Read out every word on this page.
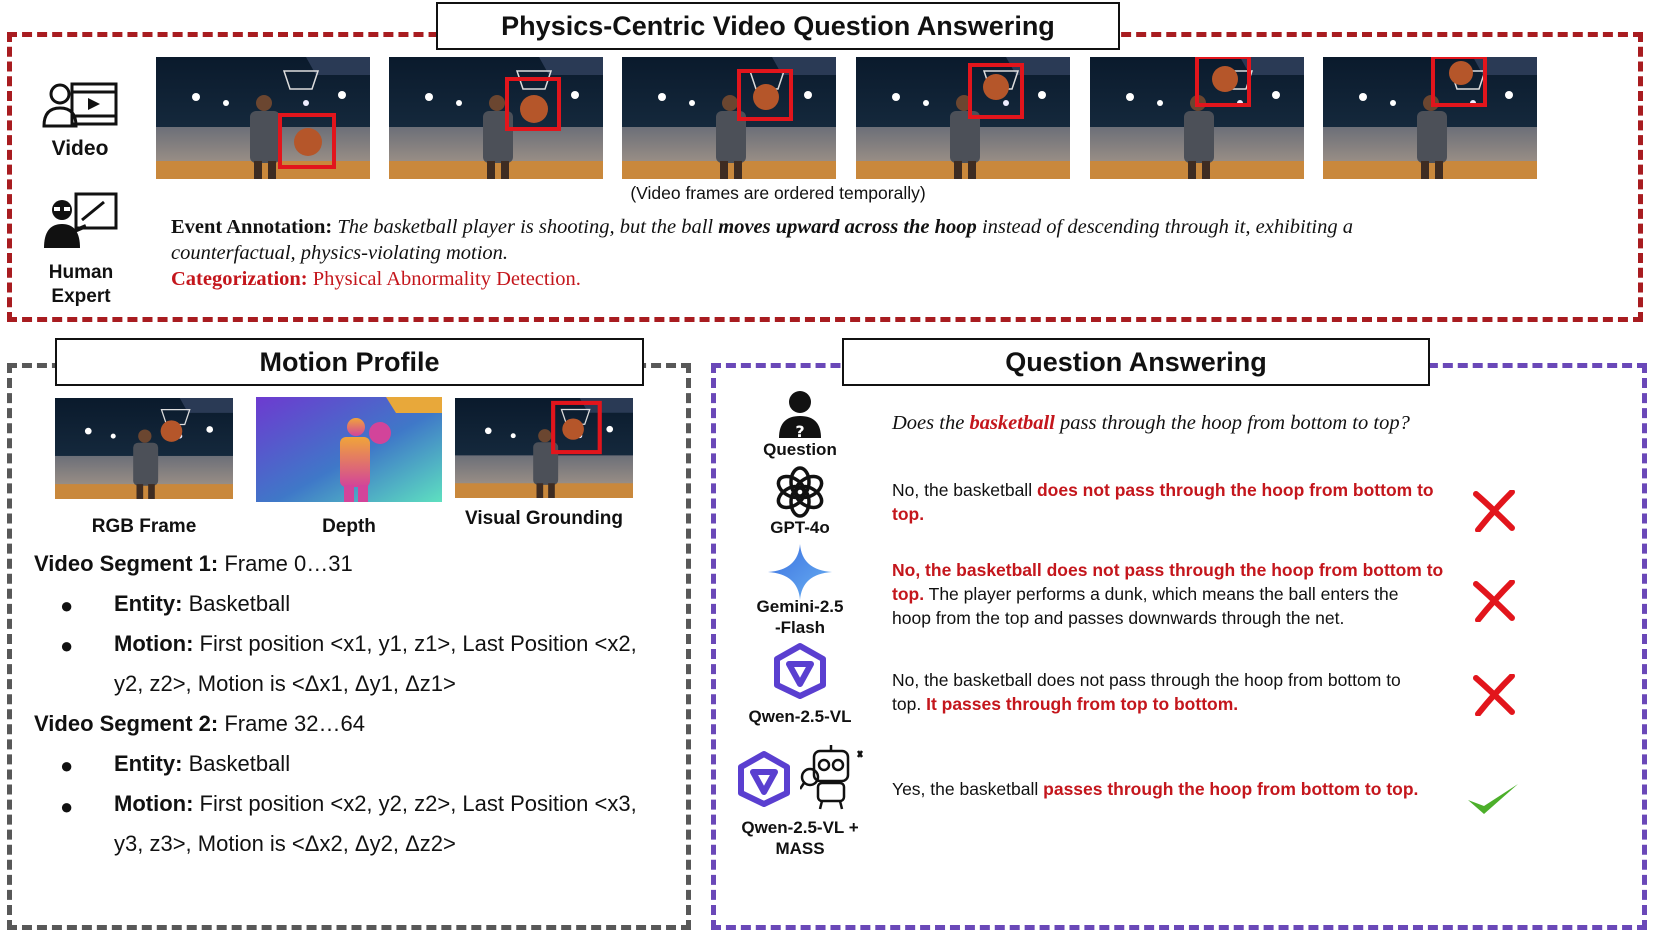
Physics-Centric Video Question Answering
Video
Human
Expert
(Video frames are ordered temporally)
Event Annotation: The basketball player is shooting, but the ball moves upward across the hoop instead of descending through it, exhibiting a
counterfactual, physics-violating motion.
Categorization: Physical Abnormality Detection.
Motion Profile
RGB Frame	Depth	Visual Grounding
Video Segment 1: Frame 0…31
● Entity: Basketball
● Motion: First position <x1, y1, z1>, Last Position <x2,
y2, z2>, Motion is <Δx1, Δy1, Δz1>
Video Segment 2: Frame 32…64
● Entity: Basketball
● Motion: First position <x2, y2, z2>, Last Position <x3,
y3, z3>, Motion is <Δx2, Δy2, Δz2>
Question Answering
?
Question
Does the basketball pass through the hoop from bottom to top?
GPT-4o
Gemini-2.5
-Flash
Qwen-2.5-VL
Qwen-2.5-VL +
MASS
No, the basketball does not pass through the hoop from bottom to
top.
No, the basketball does not pass through the hoop from bottom to
top. The player performs a dunk, which means the ball enters the
hoop from the top and passes downwards through the net.
No, the basketball does not pass through the hoop from bottom to
top. It passes through from top to bottom.
Yes, the basketball passes through the hoop from bottom to top.
